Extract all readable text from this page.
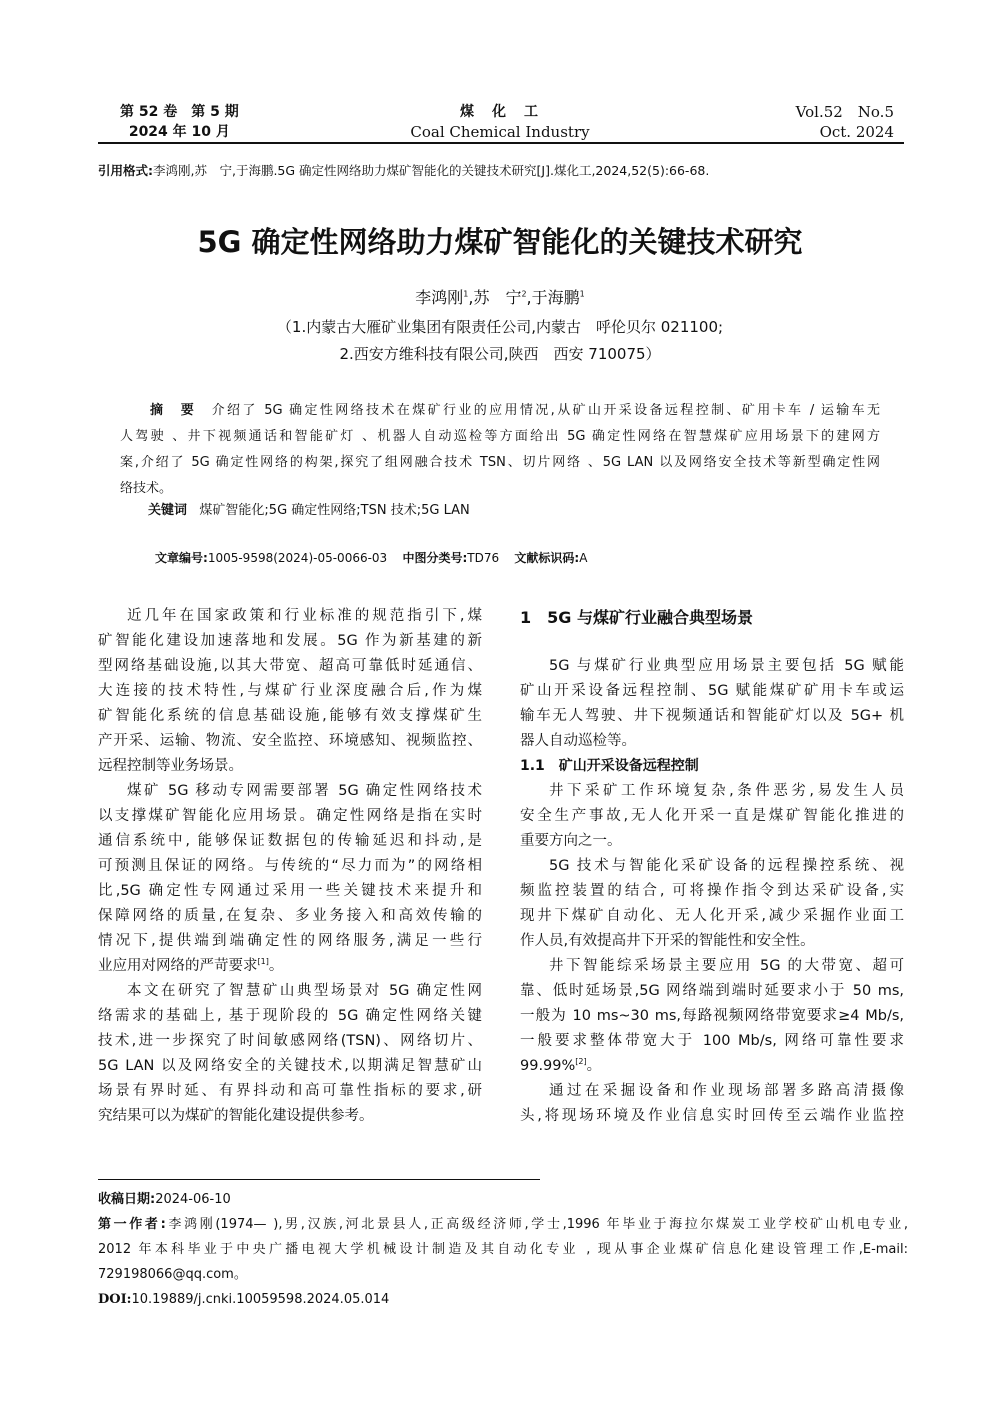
第 52 卷　第 5 期
2024 年 10 月
煤　化　工
Coal Chemical Industry
Vol.52　No.5
Oct. 2024
引用格式:李鸿刚,苏　宁,于海鹏.5G 确定性网络助力煤矿智能化的关键技术研究[J].煤化工,2024,52(5):66-68.
5G 确定性网络助力煤矿智能化的关键技术研究
李鸿刚$^1$,苏　宁$^2$,于海鹏$^1$
（1.内蒙古大雁矿业集团有限责任公司,内蒙古　呼伦贝尔 021100;
2.西安方维科技有限公司,陕西　西安 710075）
摘　要　 介绍了 5G 确定性网络技术在煤矿行业的应用情况,从矿山开采设备远程控制、矿用卡车 / 运输车无
人驾驶 、井下视频通话和智能矿灯 、机器人自动巡检等方面给出 5G 确定性网络在智慧煤矿应用场景下的建网方
案,介绍了 5G 确定性网络的构架,探究了组网融合技术 TSN、切片网络 、5G LAN 以及网络安全技术等新型确定性网
络技术。
关键词 煤矿智能化;5G 确定性网络;TSN 技术;5G LAN
文章编号:1005-9598(2024)-05-0066-03 中图分类号:TD76 文献标识码:A
近几年在国家政策和行业标准的规范指引下,煤
矿智能化建设加速落地和发展。5G 作为新基建的新
型网络基础设施,以其大带宽、超高可靠低时延通信、
大连接的技术特性,与煤矿行业深度融合后,作为煤
矿智能化系统的信息基础设施,能够有效支撑煤矿生
产开采、运输、物流、安全监控、环境感知、视频监控、
远程控制等业务场景。
煤矿 5G 移动专网需要部署 5G 确定性网络技术
以支撑煤矿智能化应用场景。确定性网络是指在实时
通信系统中, 能够保证数据包的传输延迟和抖动,是
可预测且保证的网络。与传统的“尽力而为”的网络相
比,5G 确定性专网通过采用一些关键技术来提升和
保障网络的质量,在复杂、多业务接入和高效传输的
情况下,提供端到端确定性的网络服务,满足一些行
业应用对网络的严苛要求[1]。
本文在研究了智慧矿山典型场景对 5G 确定性网
络需求的基础上, 基于现阶段的 5G 确定性网络关键
技术,进一步探究了时间敏感网络(TSN)、网络切片、
5G LAN 以及网络安全的关键技术,以期满足智慧矿山
场景有界时延、有界抖动和高可靠性指标的要求,研
究结果可以为煤矿的智能化建设提供参考。
1　5G 与煤矿行业融合典型场景
5G 与煤矿行业典型应用场景主要包括 5G 赋能
矿山开采设备远程控制、5G 赋能煤矿矿用卡车或运
输车无人驾驶、井下视频通话和智能矿灯以及 5G+ 机
器人自动巡检等。
1.1　矿山开采设备远程控制
井下采矿工作环境复杂,条件恶劣,易发生人员
安全生产事故,无人化开采一直是煤矿智能化推进的
重要方向之一。
5G 技术与智能化采矿设备的远程操控系统、视
频监控装置的结合, 可将操作指令到达采矿设备,实
现井下煤矿自动化、无人化开采,减少采掘作业面工
作人员,有效提高井下开采的智能性和安全性。
井下智能综采场景主要应用 5G 的大带宽、超可
靠、低时延场景,5G 网络端到端时延要求小于 50 ms,
一般为 10 ms~30 ms,每路视频网络带宽要求≥4 Mb/s,
一般要求整体带宽大于 100 Mb/s, 网络可靠性要求
99.99%[2]。
通过在采掘设备和作业现场部署多路高清摄像
头,将现场环境及作业信息实时回传至云端作业监控
收稿日期:2024-06-10
第一作者:李鸿刚(1974— ),男,汉族,河北景县人,正高级经济师,学士,1996 年毕业于海拉尔煤炭工业学校矿山机电专业,
2012 年本科毕业于中央广播电视大学机械设计制造及其自动化专业 , 现从事企业煤矿信息化建设管理工作,E-mail:
729198066@qq.com。
DOI:10.19889/j.cnki.10059598.2024.05.014
